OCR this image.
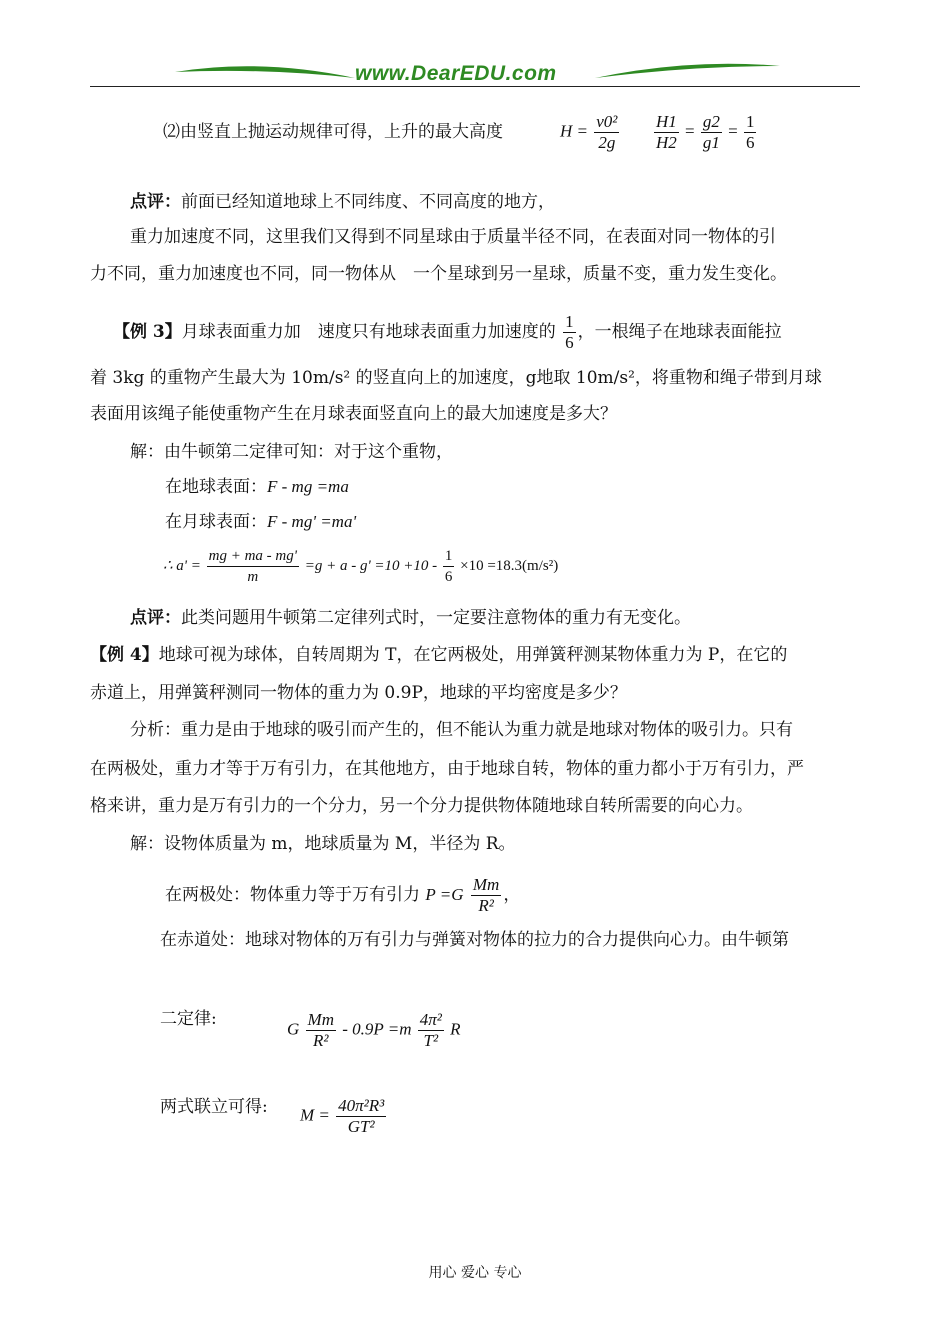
www.DearEDU.com
⑵由竖直上抛运动规律可得，上升的最大高度	$H = \frac{\text{v0²}}{2g} \frac{H1}{H2} = \frac{g2}{g1} = \frac{1}{6}$
点评：前面已经知道地球上不同纬度、不同高度的地方，
重力加速度不同，这里我们又得到不同星球由于质量半径不同，在表面对同一物体的引
力不同，重力加速度也不同，同一物体从　一个星球到另一星球，质量不变，重力发生变化。
【例 3】月球表面重力加　速度只有地球表面重力加速度的 $\frac{1}{6}$ ，一根绳子在地球表面能拉
着 3kg 的重物产生最大为 10m/s² 的竖直向上的加速度，g地取 10m/s²，将重物和绳子带到月球
表面用该绳子能使重物产生在月球表面竖直向上的最大加速度是多大？
解：由牛顿第二定律可知：对于这个重物，
在地球表面：F - mg =ma
在月球表面：F - mg' =ma'
∴ $a' = \frac{mg + ma - mg'}{m} =g + a - g' =10 +10 - \frac{1}{6} \times 10 =18.3(m/s^2)$
点评：此类问题用牛顿第二定律列式时，一定要注意物体的重力有无变化。
【例 4】地球可视为球体，自转周期为 T，在它两极处，用弹簧秤测某物体重力为 P，在它的
赤道上，用弹簧秤测同一物体的重力为 0.9P，地球的平均密度是多少？
分析：重力是由于地球的吸引而产生的，但不能认为重力就是地球对物体的吸引力。只有
在两极处，重力才等于万有引力，在其他地方，由于地球自转，物体的重力都小于万有引力，严
格来讲，重力是万有引力的一个分力，另一个分力提供物体随地球自转所需要的向心力。
解：设物体质量为 m，地球质量为 M，半径为 R。
在两极处：物体重力等于万有引力 $P =G \frac{Mm}{\text{R²}}$ ，
在赤道处：地球对物体的万有引力与弹簧对物体的拉力的合力提供向心力。由牛顿第
二定律:	G $\frac{Mm}{\text{R²}} - 0.9P =m \frac{\text{4π²}}{\text{T²}}$ R
两式联立可得: $M = \frac{\text{40π²R³}}{\text{GT²}}$
用心 爱心 专心
